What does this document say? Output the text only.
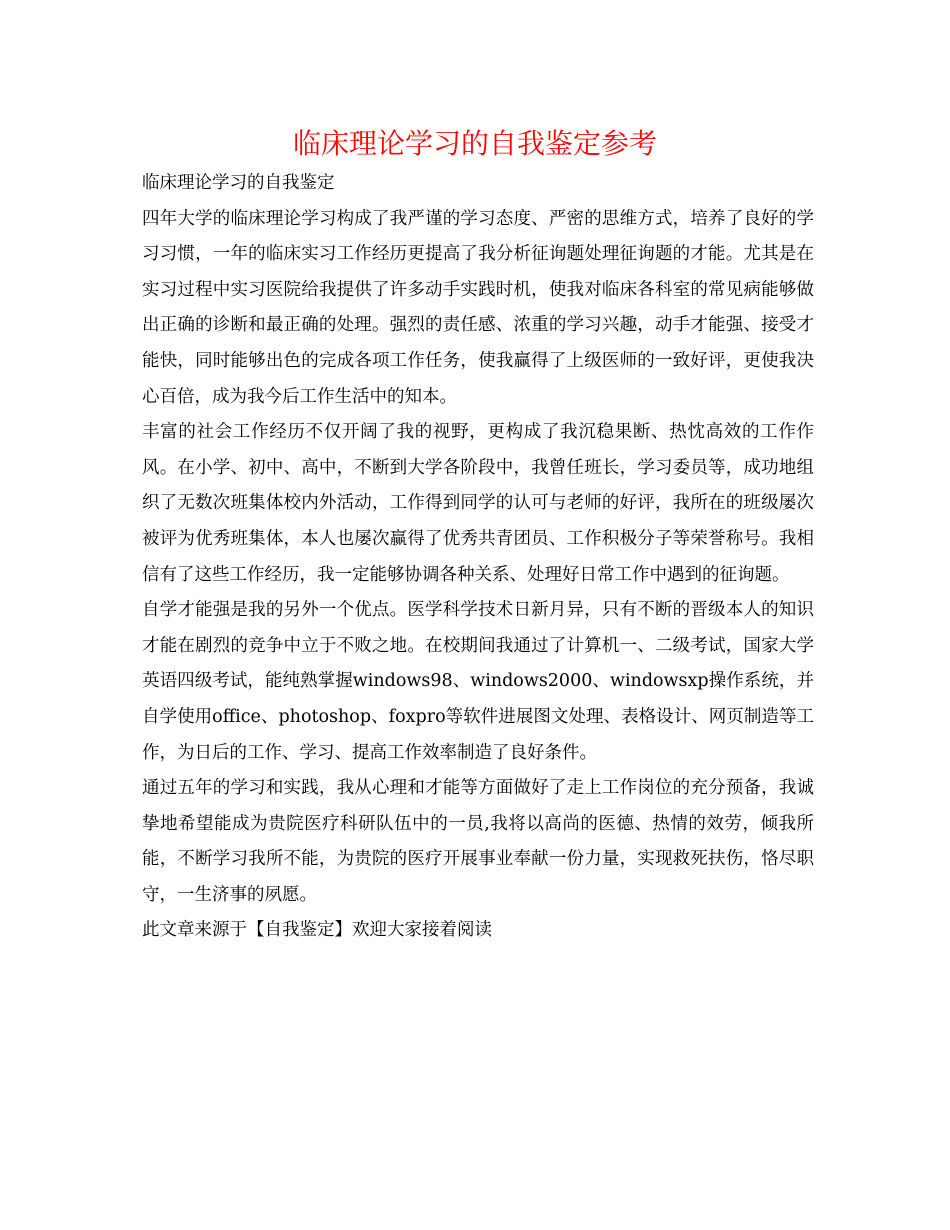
临床理论学习的自我鉴定参考

临床理论学习的自我鉴定

四年大学的临床理论学习构成了我严谨的学习态度、严密的思维方式，培养了良好的学习习惯，一年的临床实习工作经历更提高了我分析征询题处理征询题的才能。尤其是在实习过程中实习医院给我提供了许多动手实践时机，使我对临床各科室的常见病能够做出正确的诊断和最正确的处理。强烈的责任感、浓重的学习兴趣，动手才能强、接受才能快，同时能够出色的完成各项工作任务，使我赢得了上级医师的一致好评，更使我决心百倍，成为我今后工作生活中的知本。

丰富的社会工作经历不仅开阔了我的视野，更构成了我沉稳果断、热忱高效的工作作风。在小学、初中、高中，不断到大学各阶段中，我曾任班长，学习委员等，成功地组织了无数次班集体校内外活动，工作得到同学的认可与老师的好评，我所在的班级屡次被评为优秀班集体，本人也屡次赢得了优秀共青团员、工作积极分子等荣誉称号。我相信有了这些工作经历，我一定能够协调各种关系、处理好日常工作中遇到的征询题。

自学才能强是我的另外一个优点。医学科学技术日新月异，只有不断的晋级本人的知识才能在剧烈的竞争中立于不败之地。在校期间我通过了计算机一、二级考试，国家大学英语四级考试，能纯熟掌握windows98、windows2000、windowsxp操作系统，并自学使用office、photoshop、foxpro等软件进展图文处理、表格设计、网页制造等工作，为日后的工作、学习、提高工作效率制造了良好条件。

通过五年的学习和实践，我从心理和才能等方面做好了走上工作岗位的充分预备，我诚挚地希望能成为贵院医疗科研队伍中的一员,我将以高尚的医德、热情的效劳，倾我所能，不断学习我所不能，为贵院的医疗开展事业奉献一份力量，实现救死扶伤，恪尽职守，一生济事的夙愿。

此文章来源于【自我鉴定】欢迎大家接着阅读
